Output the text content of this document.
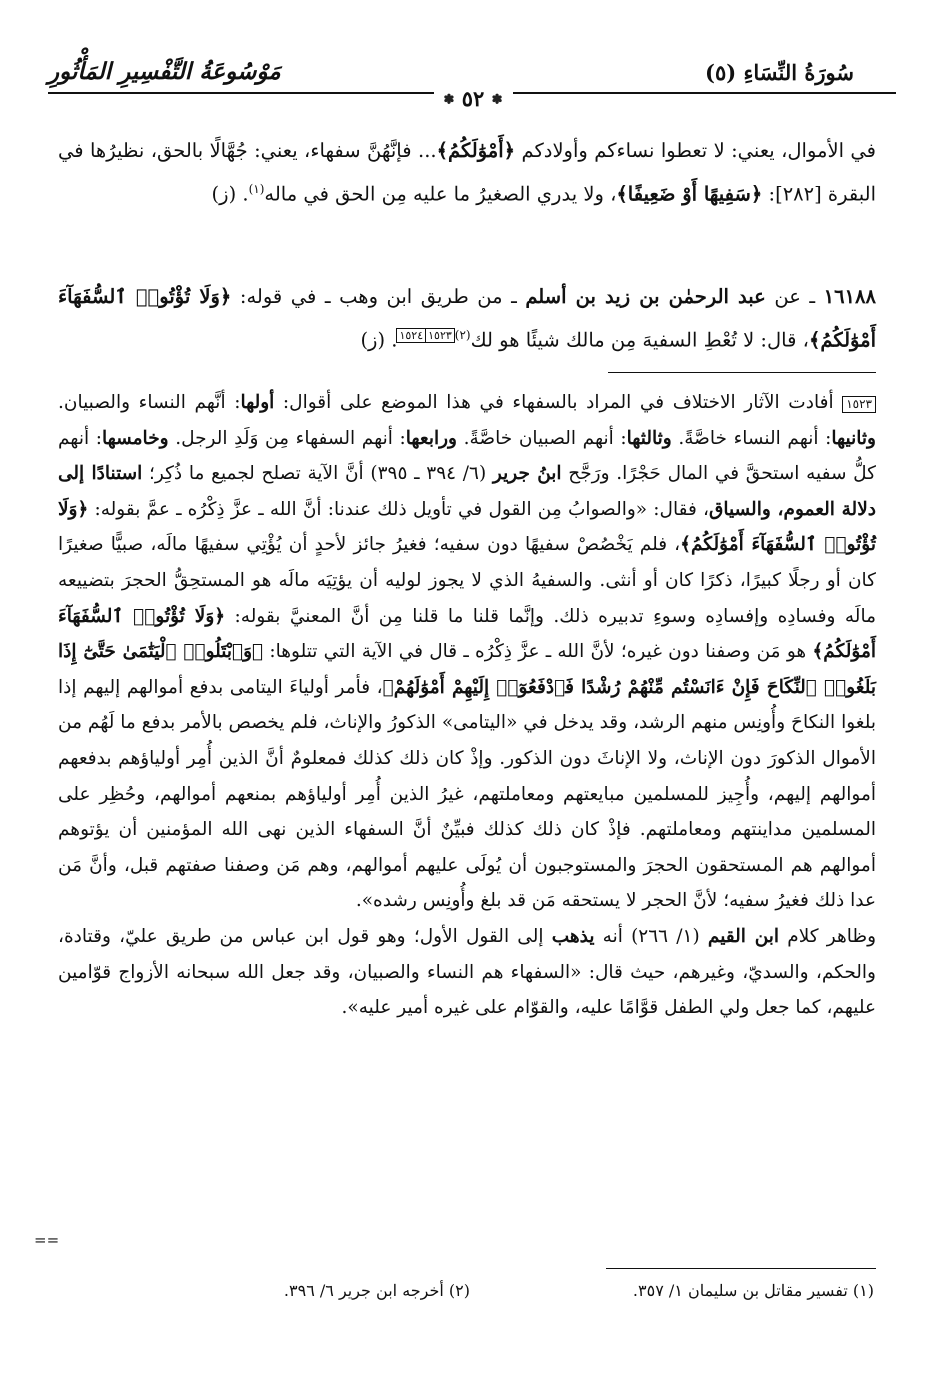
سُورَةُ النِّسَاءِ (٥)
مَوْسُوعَةُ التَّفْسِيرِ المَأْثُورِ
✽ ٥٢ ✽
في الأموال، يعني: لا تعطوا نساءكم وأولادكم ﴿أَمْوَٰلَكُمُ﴾... فإنَّهُنَّ سفهاء، يعني: جُهَّالًا بالحق، نظيرُها في البقرة [٢٨٢]: ﴿سَفِيهًا أَوْ ضَعِيفًا﴾، ولا يدري الصغيرُ ما عليه مِن الحق في ماله$^{(١)}$. (ز)
١٦١٨٨ ـ عن عبد الرحمٰن بن زيد بن أسلم ـ من طريق ابن وهب ـ في قوله: ﴿وَلَا تُؤْتُوا۟ ٱلسُّفَهَآءَ أَمْوَٰلَكُمُ﴾، قال: لا تُعْطِ السفيهَ مِن مالك شيئًا هو لك$^{(٢)}$١٥٢٣١٥٢٤. (ز)
١٥٢٣ أفادت الآثار الاختلاف في المراد بالسفهاء في هذا الموضع على أقوال: أولها: أنَّهم النساء والصبيان. وثانيها: أنهم النساء خاصَّةً. وثالثها: أنهم الصبيان خاصَّةً. ورابعها: أنهم السفهاء مِن وَلَدِ الرجل. وخامسها: أنهم كلُّ سفيه استحقَّ في المال حَجْرًا. ورَجَّح ابنُ جرير (٦/ ٣٩٤ ـ ٣٩٥) أنَّ الآية تصلح لجميع ما ذُكِر؛ استنادًا إلى دلالة العموم، والسياق، فقال: «والصوابُ مِن القول في تأويل ذلك عندنا: أنَّ الله ـ عزَّ ذِكْرُه ـ عمَّ بقوله: ﴿وَلَا تُؤْتُوا۟ ٱلسُّفَهَآءَ أَمْوَٰلَكُمُ﴾، فلم يَخْصُصْ سفيهًا دون سفيه؛ فغيرُ جائز لأحدٍ أن يُؤْتِي سفيهًا مالَه، صبيًّا صغيرًا كان أو رجلًا كبيرًا، ذكرًا كان أو أنثى. والسفيهُ الذي لا يجوز لوليه أن يؤتِيَه مالَه هو المستحِقُّ الحجرَ بتضييعه مالَه وفسادِه وإفسادِه وسوءِ تدبيره ذلك. وإنَّما قلنا ما قلنا مِن أنَّ المعنيَّ بقوله: ﴿وَلَا تُؤْتُوا۟ ٱلسُّفَهَآءَ أَمْوَٰلَكُمُ﴾ هو مَن وصفنا دون غيره؛ لأنَّ الله ـ عزَّ ذِكْرُه ـ قال في الآية التي تتلوها: ﴿وَٱبْتَلُوا۟ ٱلْيَتَٰمَىٰ حَتَّىٰٓ إِذَا بَلَغُوا۟ ٱلنِّكَاحَ فَإِنْ ءَانَسْتُم مِّنْهُمْ رُشْدًا فَٱدْفَعُوٓا۟ إِلَيْهِمْ أَمْوَٰلَهُمْ﴾، فأمر أولياءَ اليتامى بدفع أموالهم إليهم إذا بلغوا النكاحَ وأُونِس منهم الرشد، وقد يدخل في «اليتامى» الذكورُ والإناث، فلم يخصص بالأمر بدفع ما لَهُم من الأموال الذكورَ دون الإناث، ولا الإناثَ دون الذكور. وإذْ كان ذلك كذلك فمعلومٌ أنَّ الذين أُمِر أولياؤهم بدفعهم أموالهم إليهم، وأُجِيز للمسلمين مبايعتهم ومعاملتهم، غيرُ الذين أُمِر أولياؤهم بمنعهم أموالهم، وحُظِر على المسلمين مداينتهم ومعاملتهم. فإذْ كان ذلك كذلك فبيِّنٌ أنَّ السفهاء الذين نهى الله المؤمنين أن يؤتوهم أموالهم هم المستحقون الحجرَ والمستوجبون أن يُولَى عليهم أموالهم، وهم مَن وصفنا صفتهم قبل، وأنَّ مَن عدا ذلك فغيرُ سفيه؛ لأنَّ الحجر لا يستحقه مَن قد بلغ وأُونِس رشده».
وظاهر كلام ابن القيم (١/ ٢٦٦) أنه يذهب إلى القول الأول؛ وهو قول ابن عباس من طريق عليّ، وقتادة، والحكم، والسديّ، وغيرهم، حيث قال: «السفهاء هم النساء والصبيان، وقد جعل الله سبحانه الأزواج قوّامين عليهم، كما جعل ولي الطفل قوَّامًا عليه، والقوّام على غيره أمير عليه».
==
(١) تفسير مقاتل بن سليمان ١/ ٣٥٧.
(٢) أخرجه ابن جرير ٦/ ٣٩٦.
